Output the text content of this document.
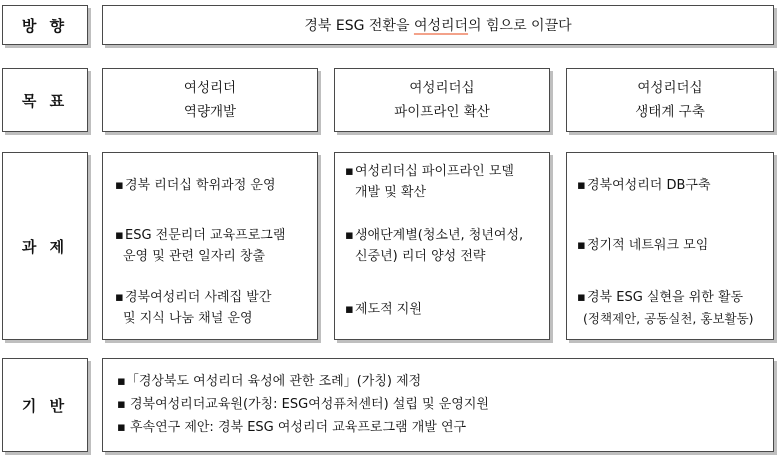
방 향
목 표
과 제
기 반
경북 ESG 전환을 여성리더의 힘으로 이끌다
여성리더
역량개발
여성리더십
파이프라인 확산
여성리더십
생태계 구축
▪ 경북 리더십 학위과정 운영
▪ ESG 전문리더 교육프로그램
운영 및 관련 일자리 창출
▪ 경북여성리더 사례집 발간
및 지식 나눔 채널 운영
▪ 여성리더십 파이프라인 모델
개발 및 확산
▪ 생애단계별(청소년, 청년여성,
신중년) 리더 양성 전략
▪ 제도적 지원
▪ 경북여성리더 DB구축
▪ 정기적 네트워크 모임
▪ 경북 ESG 실현을 위한 활동
(정책제안, 공동실천, 홍보활동)
▪「경상북도 여성리더 육성에 관한 조례」(가칭) 제정
▪ 경북여성리더교육원(가칭: ESG여성퓨처센터) 설립 및 운영지원
▪ 후속연구 제안: 경북 ESG 여성리더 교육프로그램 개발 연구
